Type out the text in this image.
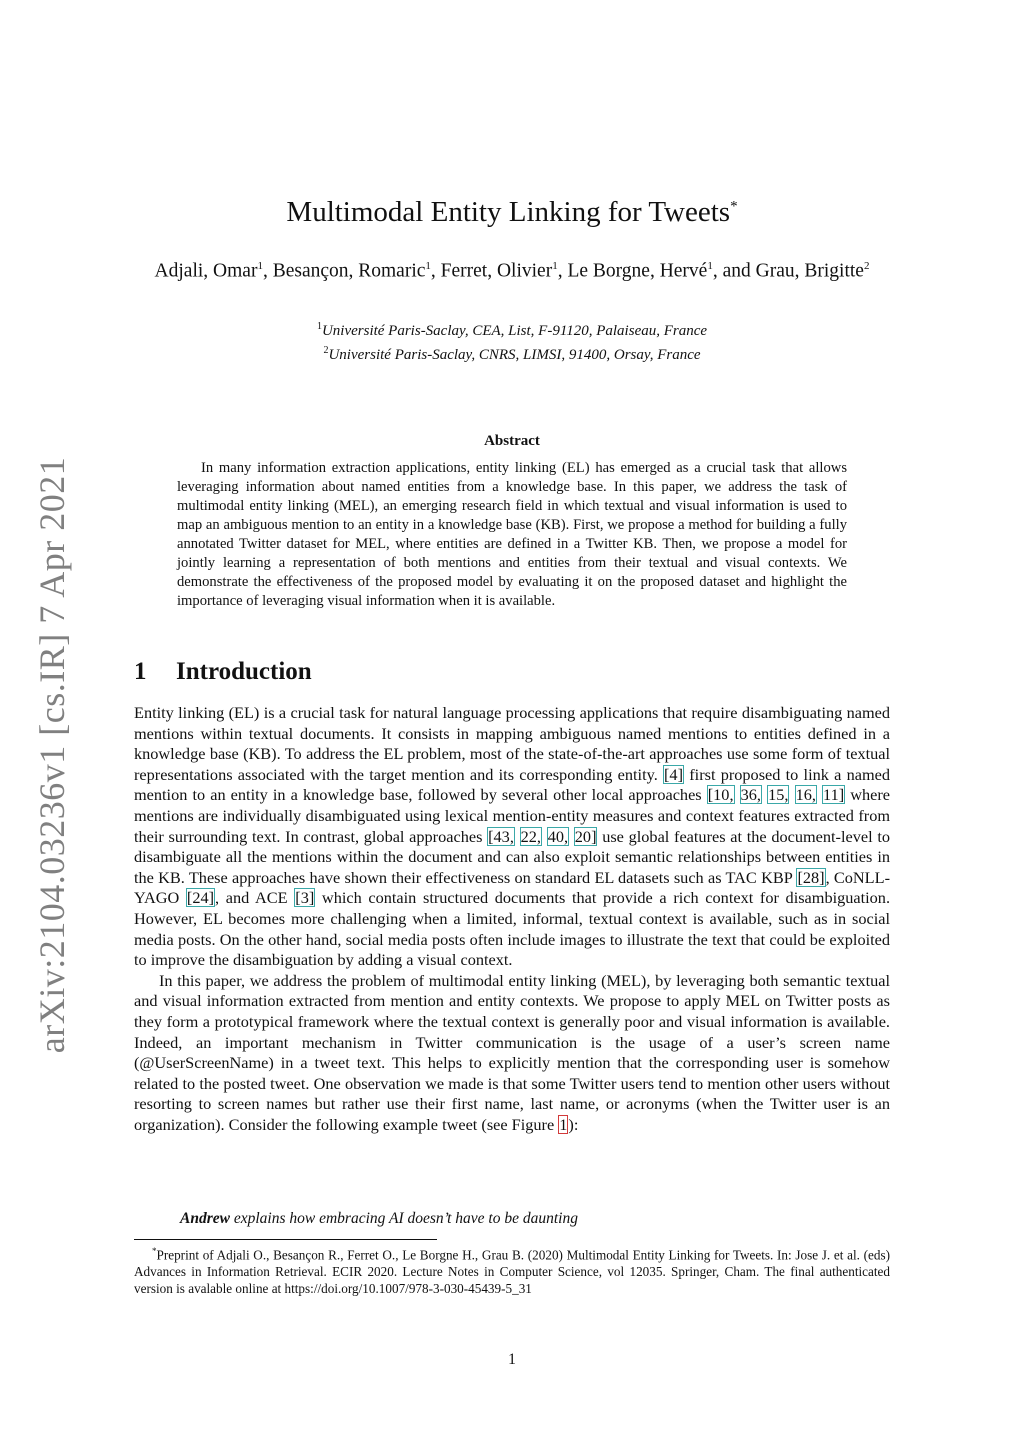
arXiv:2104.03236v1 [cs.IR] 7 Apr 2021
Multimodal Entity Linking for Tweets*
Adjali, Omar$^1$, Besançon, Romaric$^1$, Ferret, Olivier$^1$, Le Borgne, Hervé$^1$, and Grau, Brigitte$^2$
$^1$Université Paris-Saclay, CEA, List, F-91120, Palaiseau, France
$^2$Université Paris-Saclay, CNRS, LIMSI, 91400, Orsay, France
Abstract

In many information extraction applications, entity linking (EL) has emerged as a crucial task that allows leveraging information about named entities from a knowledge base. In this paper, we address the task of multimodal entity linking (MEL), an emerging research field in which textual and visual information is used to map an ambiguous mention to an entity in a knowledge base (KB). First, we propose a method for building a fully annotated Twitter dataset for MEL, where entities are defined in a Twitter KB. Then, we propose a model for jointly learning a representation of both mentions and entities from their textual and visual contexts. We demonstrate the effectiveness of the proposed model by evaluating it on the proposed dataset and highlight the importance of leveraging visual information when it is available.

1 Introduction

Entity linking (EL) is a crucial task for natural language processing applications that require disambiguating named mentions within textual documents. It consists in mapping ambiguous named mentions to entities defined in a knowledge base (KB). To address the EL problem, most of the state-of-the-art approaches use some form of textual representations associated with the target mention and its corresponding entity. [4] first proposed to link a named mention to an entity in a knowledge base, followed by several other local approaches [10, 36, 15, 16, 11] where mentions are individually disambiguated using lexical mention-entity measures and context features extracted from their surrounding text. In contrast, global approaches [43, 22, 40, 20] use global features at the document-level to disambiguate all the mentions within the document and can also exploit semantic relationships between entities in the KB. These approaches have shown their effectiveness on standard EL datasets such as TAC KBP [28], CoNLL-YAGO [24], and ACE [3] which contain structured documents that provide a rich context for disambiguation. However, EL becomes more challenging when a limited, informal, textual context is available, such as in social media posts. On the other hand, social media posts often include images to illustrate the text that could be exploited to improve the disambiguation by adding a visual context.

In this paper, we address the problem of multimodal entity linking (MEL), by leveraging both semantic textual and visual information extracted from mention and entity contexts. We propose to apply MEL on Twitter posts as they form a prototypical framework where the textual context is generally poor and visual information is available. Indeed, an important mechanism in Twitter communication is the usage of a user’s screen name (@UserScreenName) in a tweet text. This helps to explicitly mention that the corresponding user is somehow related to the posted tweet. One observation we made is that some Twitter users tend to mention other users without resorting to screen names but rather use their first name, last name, or acronyms (when the Twitter user is an organization). Consider the following example tweet (see Figure 1):

Andrew explains how embracing AI doesn’t have to be daunting

*Preprint of Adjali O., Besançon R., Ferret O., Le Borgne H., Grau B. (2020) Multimodal Entity Linking for Tweets. In: Jose J. et al. (eds) Advances in Information Retrieval. ECIR 2020. Lecture Notes in Computer Science, vol 12035. Springer, Cham. The final authenticated version is avalable online at https://doi.org/10.1007/978-3-030-45439-5_31

1
